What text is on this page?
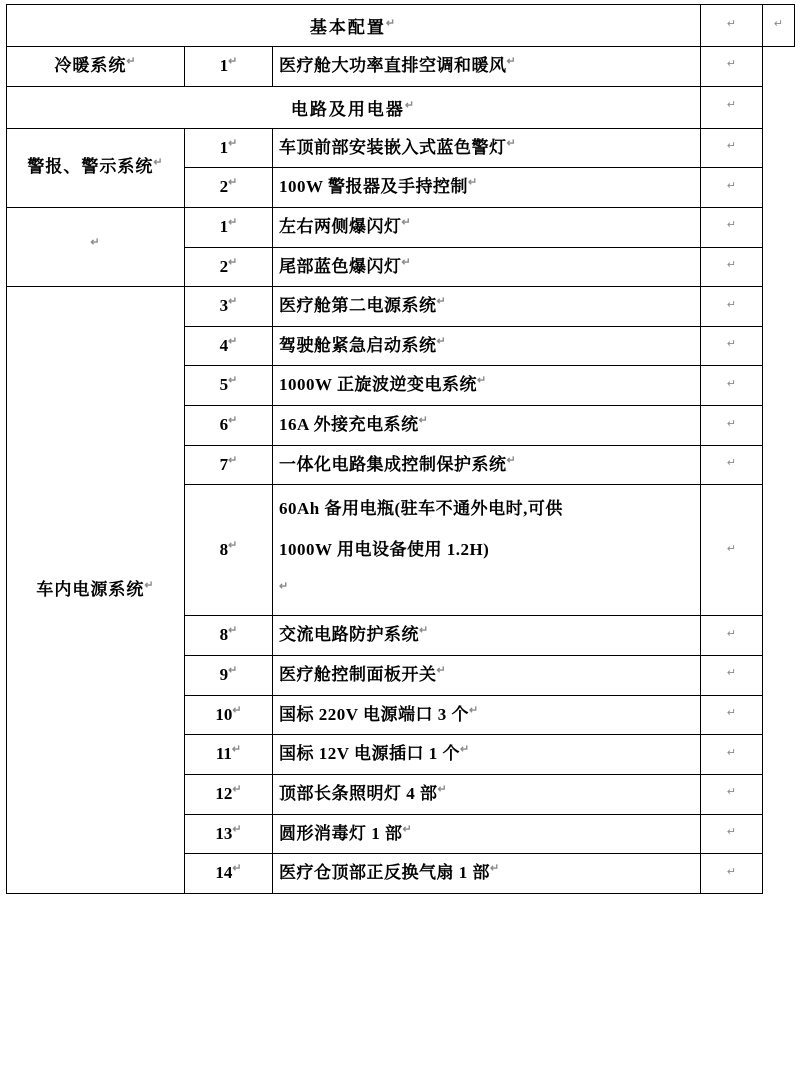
基本配置↵			↵	↵

冷暖系统↵	1↵	医疗舱大功率直排空调和暖风↵	↵	

电路及用电器↵			↵	

警报、警示系统↵	1↵	车顶前部安装嵌入式蓝色警灯↵	↵	

	2↵	100W 警报器及手持控制↵	↵	

↵	1↵	左右两侧爆闪灯↵	↵	

	2↵	尾部蓝色爆闪灯↵	↵	

车内电源系统↵	3↵	医疗舱第二电源系统↵	↵	

	4↵	驾驶舱紧急启动系统↵	↵	

	5↵	1000W 正旋波逆变电系统↵	↵	

	6↵	16A 外接充电系统↵	↵	

	7↵	一体化电路集成控制保护系统↵	↵	

	8↵	60Ah 备用电瓶(驻车不通外电时,可供
1000W 用电设备使用 1.2H)
↵	↵	

	8↵	交流电路防护系统↵	↵	

	9↵	医疗舱控制面板开关↵	↵	

	10↵	国标 220V 电源端口 3 个↵	↵	

	11↵	国标 12V 电源插口 1 个↵	↵	

	12↵	顶部长条照明灯 4 部↵	↵	

	13↵	圆形消毒灯 1 部↵	↵	

	14↵	医疗仓顶部正反换气扇 1 部↵	↵	
